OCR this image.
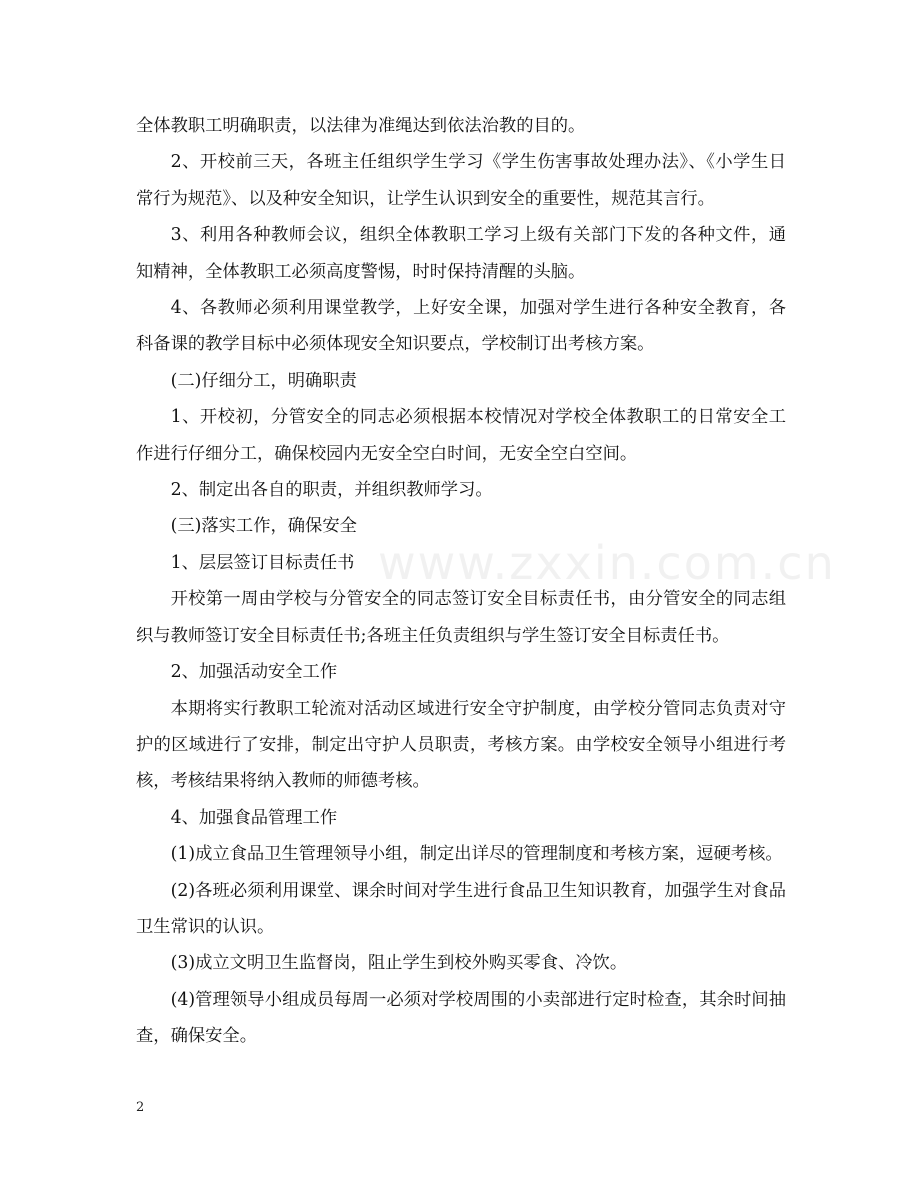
全体教职工明确职责，以法律为准绳达到依法治教的目的。

2、开校前三天，各班主任组织学生学习《学生伤害事故处理办法》、《小学生日常行为规范》、以及种安全知识，让学生认识到安全的重要性，规范其言行。

3、利用各种教师会议，组织全体教职工学习上级有关部门下发的各种文件，通知精神，全体教职工必须高度警惕，时时保持清醒的头脑。

4、各教师必须利用课堂教学，上好安全课，加强对学生进行各种安全教育，各科备课的教学目标中必须体现安全知识要点，学校制订出考核方案。

(二)仔细分工，明确职责

1、开校初，分管安全的同志必须根据本校情况对学校全体教职工的日常安全工作进行仔细分工，确保校园内无安全空白时间，无安全空白空间。

2、制定出各自的职责，并组织教师学习。

(三)落实工作，确保安全

1、层层签订目标责任书

开校第一周由学校与分管安全的同志签订安全目标责任书，由分管安全的同志组织与教师签订安全目标责任书;各班主任负责组织与学生签订安全目标责任书。

2、加强活动安全工作

本期将实行教职工轮流对活动区域进行安全守护制度，由学校分管同志负责对守护的区域进行了安排，制定出守护人员职责，考核方案。由学校安全领导小组进行考核，考核结果将纳入教师的师德考核。

4、加强食品管理工作

(1)成立食品卫生管理领导小组，制定出详尽的管理制度和考核方案，逗硬考核。

(2)各班必须利用课堂、课余时间对学生进行食品卫生知识教育，加强学生对食品卫生常识的认识。

(3)成立文明卫生监督岗，阻止学生到校外购买零食、冷饮。

(4)管理领导小组成员每周一必须对学校周围的小卖部进行定时检查，其余时间抽查，确保安全。

www.zxxin.com.cn
2
